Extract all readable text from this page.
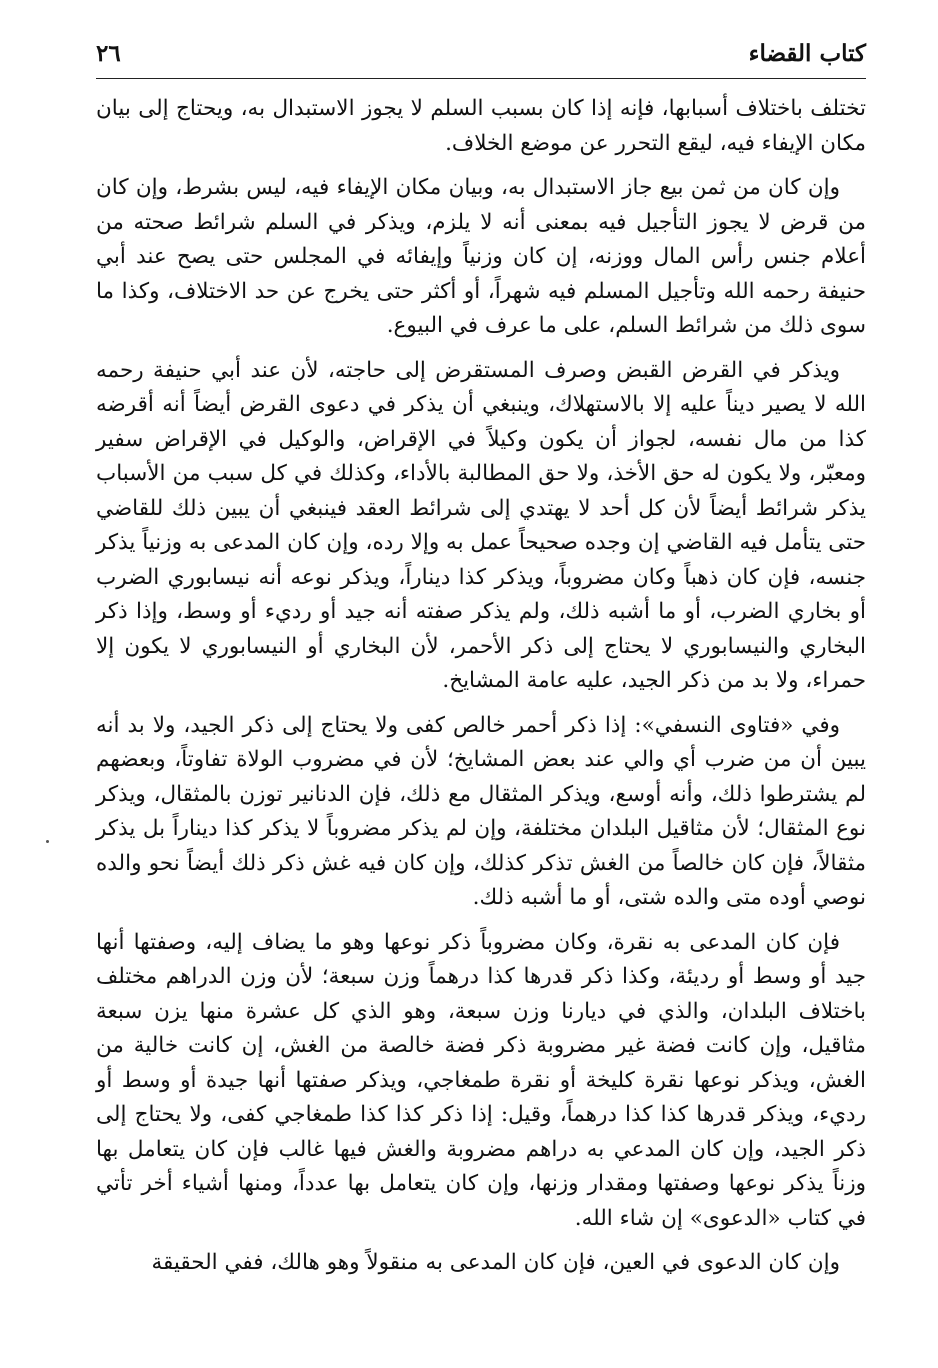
كتاب القضاء
٢٦

تختلف باختلاف أسبابها، فإنه إذا كان بسبب السلم لا يجوز الاستبدال به، ويحتاج إلى بيان مكان الإيفاء فيه، ليقع التحرر عن موضع الخلاف.

وإن كان من ثمن بيع جاز الاستبدال به، وبيان مكان الإيفاء فيه، ليس بشرط، وإن كان من قرض لا يجوز التأجيل فيه بمعنى أنه لا يلزم، ويذكر في السلم شرائط صحته من أعلام جنس رأس المال ووزنه، إن كان وزنياً وإيفائه في المجلس حتى يصح عند أبي حنيفة رحمه الله وتأجيل المسلم فيه شهراً، أو أكثر حتى يخرج عن حد الاختلاف، وكذا ما سوى ذلك من شرائط السلم، على ما عرف في البيوع.

ويذكر في القرض القبض وصرف المستقرض إلى حاجته، لأن عند أبي حنيفة رحمه الله لا يصير ديناً عليه إلا بالاستهلاك، وينبغي أن يذكر في دعوى القرض أيضاً أنه أقرضه كذا من مال نفسه، لجواز أن يكون وكيلاً في الإقراض، والوكيل في الإقراض سفير ومعبّر، ولا يكون له حق الأخذ، ولا حق المطالبة بالأداء، وكذلك في كل سبب من الأسباب يذكر شرائط أيضاً لأن كل أحد لا يهتدي إلى شرائط العقد فينبغي أن يبين ذلك للقاضي حتى يتأمل فيه القاضي إن وجده صحيحاً عمل به وإلا رده، وإن كان المدعى به وزنياً يذكر جنسه، فإن كان ذهباً وكان مضروباً، ويذكر كذا ديناراً، ويذكر نوعه أنه نيسابوري الضرب أو بخاري الضرب، أو ما أشبه ذلك، ولم يذكر صفته أنه جيد أو رديء أو وسط، وإذا ذكر البخاري والنيسابوري لا يحتاج إلى ذكر الأحمر، لأن البخاري أو النيسابوري لا يكون إلا حمراء، ولا بد من ذكر الجيد، عليه عامة المشايخ.

وفي «فتاوى النسفي»: إذا ذكر أحمر خالص كفى ولا يحتاج إلى ذكر الجيد، ولا بد أنه يبين أن من ضرب أي والي عند بعض المشايخ؛ لأن في مضروب الولاة تفاوتاً، وبعضهم لم يشترطوا ذلك، وأنه أوسع، ويذكر المثقال مع ذلك، فإن الدنانير توزن بالمثقال، ويذكر نوع المثقال؛ لأن مثاقيل البلدان مختلفة، وإن لم يذكر مضروباً لا يذكر كذا ديناراً بل يذكر مثقالاً، فإن كان خالصاً من الغش تذكر كذلك، وإن كان فيه غش ذكر ذلك أيضاً نحو والده نوصي أوده متى والده شتى، أو ما أشبه ذلك.

فإن كان المدعى به نقرة، وكان مضروباً ذكر نوعها وهو ما يضاف إليه، وصفتها أنها جيد أو وسط أو رديئة، وكذا ذكر قدرها كذا درهماً وزن سبعة؛ لأن وزن الدراهم مختلف باختلاف البلدان، والذي في ديارنا وزن سبعة، وهو الذي كل عشرة منها يزن سبعة مثاقيل، وإن كانت فضة غير مضروبة ذكر فضة خالصة من الغش، إن كانت خالية من الغش، ويذكر نوعها نقرة كليخة أو نقرة طمغاجي، ويذكر صفتها أنها جيدة أو وسط أو رديء، ويذكر قدرها كذا كذا درهماً، وقيل: إذا ذكر كذا كذا طمغاجي كفى، ولا يحتاج إلى ذكر الجيد، وإن كان المدعي به دراهم مضروبة والغش فيها غالب فإن كان يتعامل بها وزناً يذكر نوعها وصفتها ومقدار وزنها، وإن كان يتعامل بها عدداً، ومنها أشياء أخر تأتي في كتاب «الدعوى» إن شاء الله.

وإن كان الدعوى في العين، فإن كان المدعى به منقولاً وهو هالك، ففي الحقيقة
